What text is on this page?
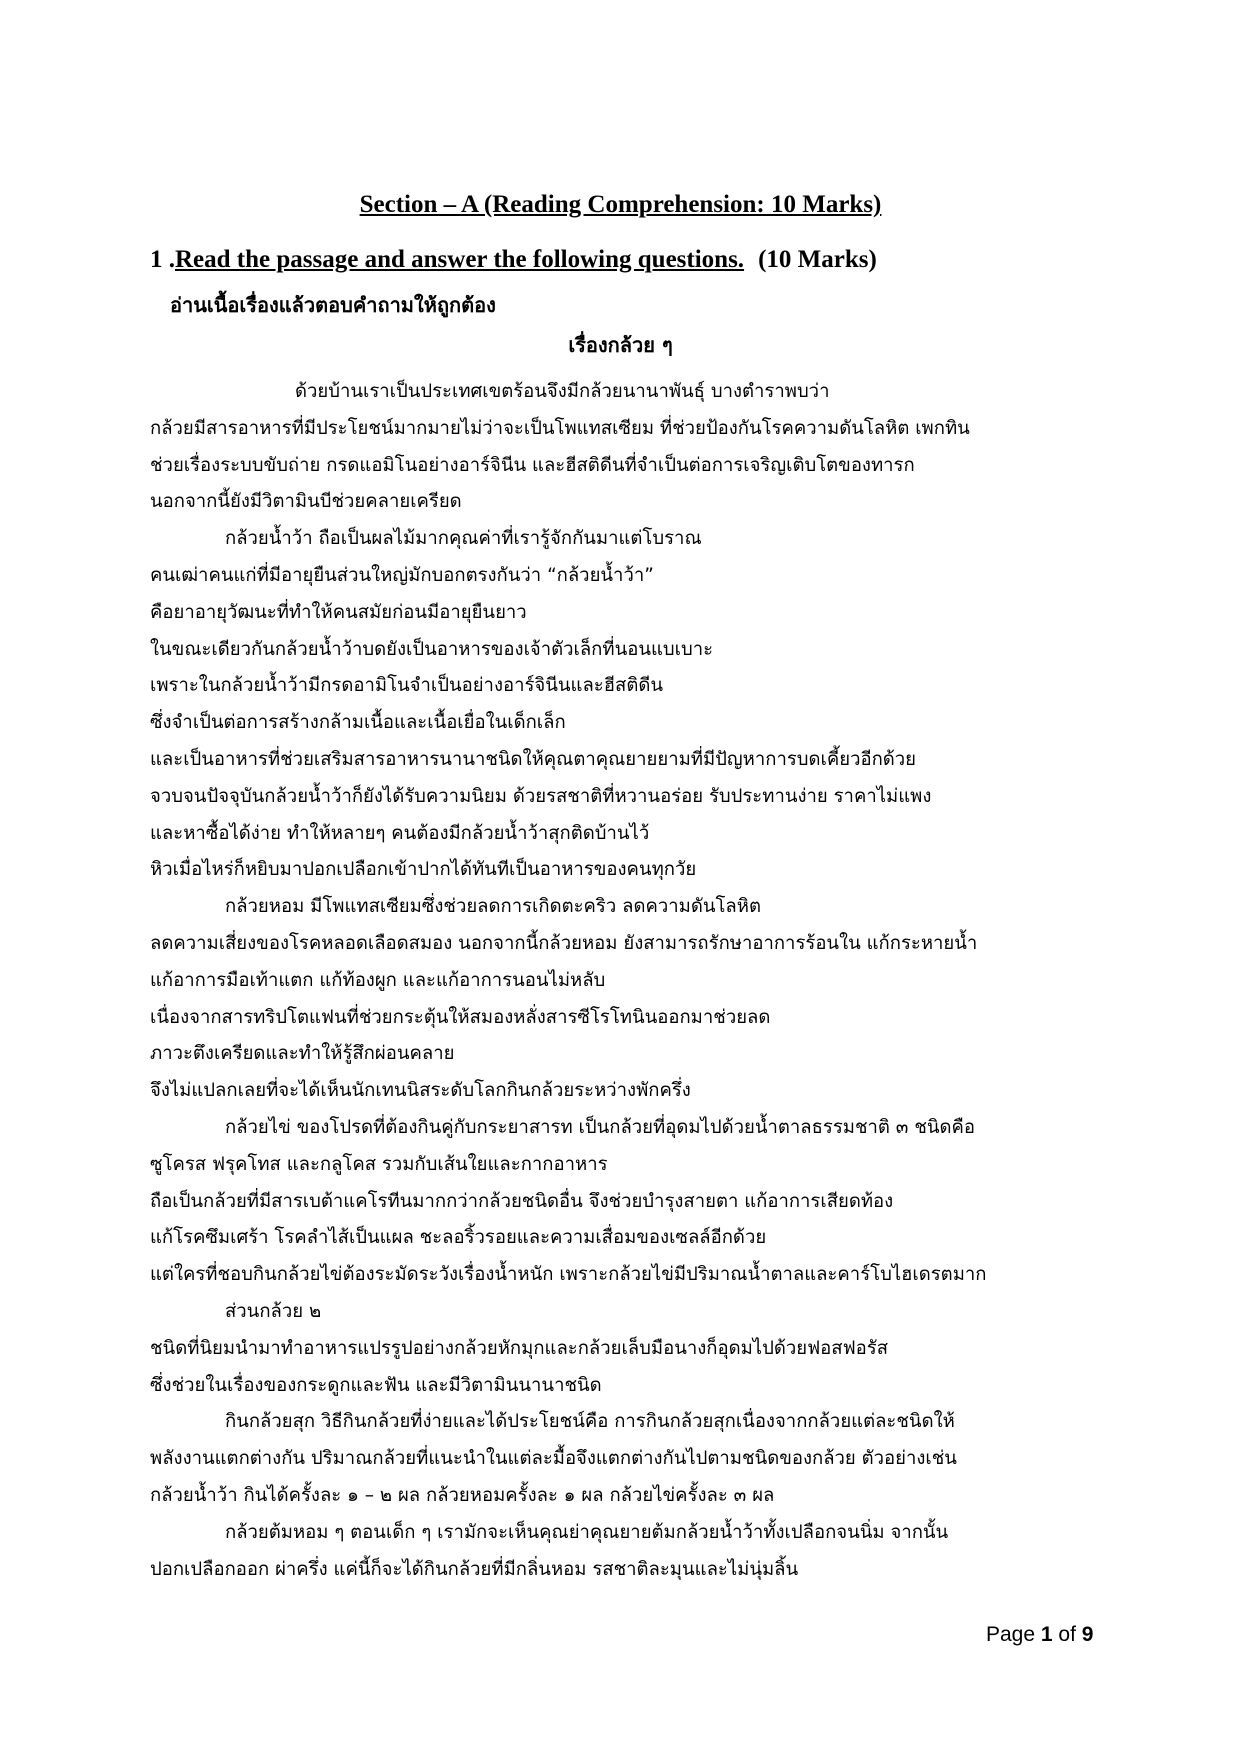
Section – A (Reading Comprehension: 10 Marks)
1 .Read the passage and answer the following questions. (10 Marks)
อ่านเนื้อเรื่องแล้วตอบคำถามให้ถูกต้อง
เรื่องกล้วย ๆ
ด้วยบ้านเราเป็นประเทศเขตร้อนจึงมีกล้วยนานาพันธุ์ บางตำราพบว่า
กล้วยมีสารอาหารที่มีประโยชน์มากมายไม่ว่าจะเป็นโพแทสเซียม ที่ช่วยป้องกันโรคความดันโลหิต เพกทิน
ช่วยเรื่องระบบขับถ่าย กรดแอมิโนอย่างอาร์จินีน และฮีสติดีนที่จำเป็นต่อการเจริญเติบโตของทารก
นอกจากนี้ยังมีวิตามินบีช่วยคลายเครียด
กล้วยน้ำว้า ถือเป็นผลไม้มากคุณค่าที่เรารู้จักกันมาแต่โบราณ
คนเฒ่าคนแก่ที่มีอายุยืนส่วนใหญ่มักบอกตรงกันว่า “กล้วยน้ำว้า”
คือยาอายุวัฒนะที่ทำให้คนสมัยก่อนมีอายุยืนยาว
ในขณะเดียวกันกล้วยน้ำว้าบดยังเป็นอาหารของเจ้าตัวเล็กที่นอนแบเบาะ
เพราะในกล้วยน้ำว้ามีกรดอามิโนจำเป็นอย่างอาร์จินีนและฮีสติดีน
ซึ่งจำเป็นต่อการสร้างกล้ามเนื้อและเนื้อเยื่อในเด็กเล็ก
และเป็นอาหารที่ช่วยเสริมสารอาหารนานาชนิดให้คุณตาคุณยายยามที่มีปัญหาการบดเคี้ยวอีกด้วย
จวบจนปัจจุบันกล้วยน้ำว้าก็ยังได้รับความนิยม ด้วยรสชาติที่หวานอร่อย รับประทานง่าย ราคาไม่แพง
และหาซื้อได้ง่าย ทำให้หลายๆ คนต้องมีกล้วยน้ำว้าสุกติดบ้านไว้
หิวเมื่อไหร่ก็หยิบมาปอกเปลือกเข้าปากได้ทันทีเป็นอาหารของคนทุกวัย
กล้วยหอม มีโพแทสเซียมซึ่งช่วยลดการเกิดตะคริว ลดความดันโลหิต
ลดความเสี่ยงของโรคหลอดเลือดสมอง นอกจากนี้กล้วยหอม ยังสามารถรักษาอาการร้อนใน แก้กระหายน้ำ
แก้อาการมือเท้าแตก แก้ท้องผูก และแก้อาการนอนไม่หลับ
เนื่องจากสารทริปโตแฟนที่ช่วยกระตุ้นให้สมองหลั่งสารซีโรโทนินออกมาช่วยลด
ภาวะตึงเครียดและทำให้รู้สึกผ่อนคลาย
จึงไม่แปลกเลยที่จะได้เห็นนักเทนนิสระดับโลกกินกล้วยระหว่างพักครึ่ง
กล้วยไข่ ของโปรดที่ต้องกินคู่กับกระยาสารท เป็นกล้วยที่อุดมไปด้วยน้ำตาลธรรมชาติ ๓ ชนิดคือ
ซูโครส ฟรุคโทส และกลูโคส รวมกับเส้นใยและกากอาหาร
ถือเป็นกล้วยที่มีสารเบต้าแคโรทีนมากกว่ากล้วยชนิดอื่น จึงช่วยบำรุงสายตา แก้อาการเสียดท้อง
แก้โรคซึมเศร้า โรคลำไส้เป็นแผล ชะลอริ้วรอยและความเสื่อมของเซลล์อีกด้วย
แต่ใครที่ชอบกินกล้วยไข่ต้องระมัดระวังเรื่องน้ำหนัก เพราะกล้วยไข่มีปริมาณน้ำตาลและคาร์โบไฮเดรตมาก
ส่วนกล้วย ๒
ชนิดที่นิยมนำมาทำอาหารแปรรูปอย่างกล้วยหักมุกและกล้วยเล็บมือนางก็อุดมไปด้วยฟอสฟอรัส
ซึ่งช่วยในเรื่องของกระดูกและฟัน และมีวิตามินนานาชนิด
กินกล้วยสุก วิธีกินกล้วยที่ง่ายและได้ประโยชน์คือ การกินกล้วยสุกเนื่องจากกล้วยแต่ละชนิดให้
พลังงานแตกต่างกัน ปริมาณกล้วยที่แนะนำในแต่ละมื้อจึงแตกต่างกันไปตามชนิดของกล้วย ตัวอย่างเช่น
กล้วยน้ำว้า กินได้ครั้งละ ๑ – ๒ ผล กล้วยหอมครั้งละ ๑ ผล กล้วยไข่ครั้งละ ๓ ผล
กล้วยต้มหอม ๆ ตอนเด็ก ๆ เรามักจะเห็นคุณย่าคุณยายต้มกล้วยน้ำว้าทั้งเปลือกจนนิ่ม จากนั้น
ปอกเปลือกออก ผ่าครึ่ง แค่นี้ก็จะได้กินกล้วยที่มีกลิ่นหอม รสชาติละมุนและไม่นุ่มลิ้น
Page 1 of 9
